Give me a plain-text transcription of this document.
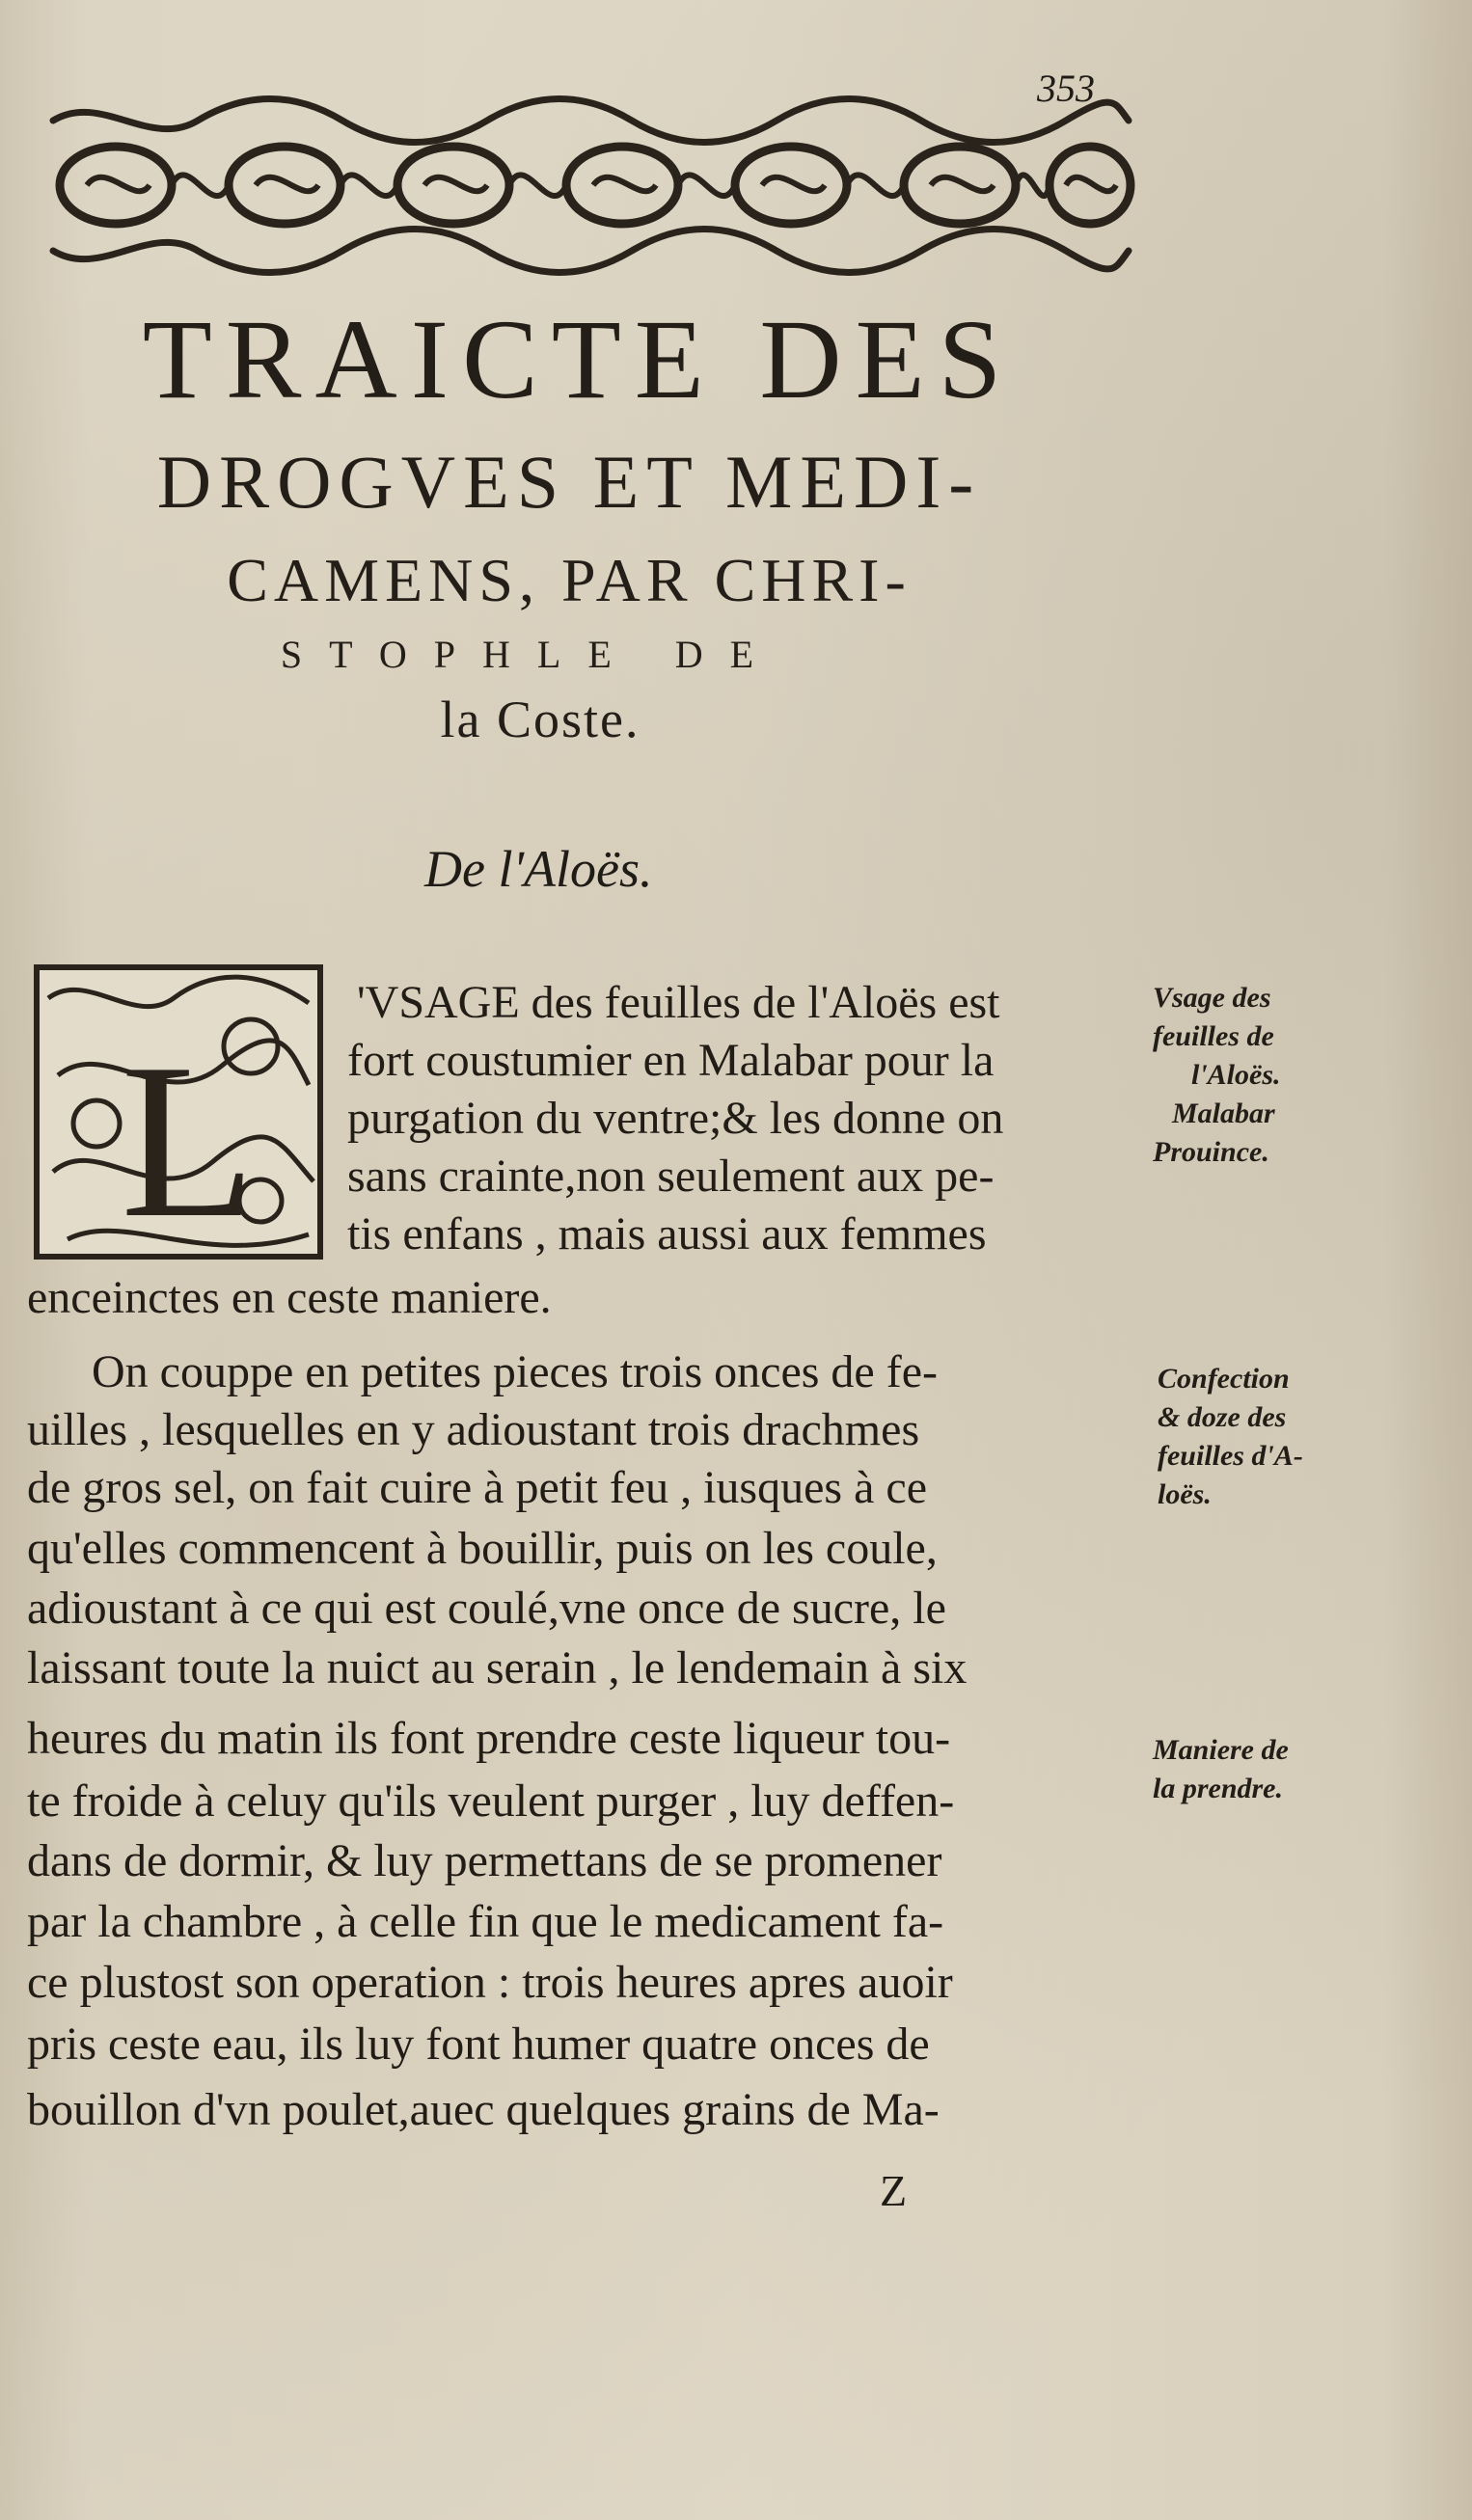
353
TRAICTE DES
DROGVES ET MEDI-
CAMENS, PAR CHRI-
STOPHLE DE
la Coste.
De l'Aloës.
L
'VSAGE des feuilles de l'Aloës est
fort coustumier en Malabar pour la
purgation du ventre;& les donne on
sans crainte,non seulement aux pe-
tis enfans , mais aussi aux femmes
enceinctes en ceste maniere.
On couppe en petites pieces trois onces de fe-
uilles , lesquelles en y adioustant trois drachmes
de gros sel, on fait cuire à petit feu , iusques à ce
qu'elles commencent à bouillir, puis on les coule,
adioustant à ce qui est coulé,vne once de sucre, le
laissant toute la nuict au serain , le lendemain à six
heures du matin ils font prendre ceste liqueur tou-
te froide à celuy qu'ils veulent purger , luy deffen-
dans de dormir, & luy permettans de se promener
par la chambre , à celle fin que le medicament fa-
ce plustost son operation : trois heures apres auoir
pris ceste eau, ils luy font humer quatre onces de
bouillon d'vn poulet,auec quelques grains de Ma-
Vsage des
feuilles de
l'Aloës.
Malabar
Prouince.
Confection
& doze des
feuilles d'A-
loës.
Maniere de
la prendre.
Z
